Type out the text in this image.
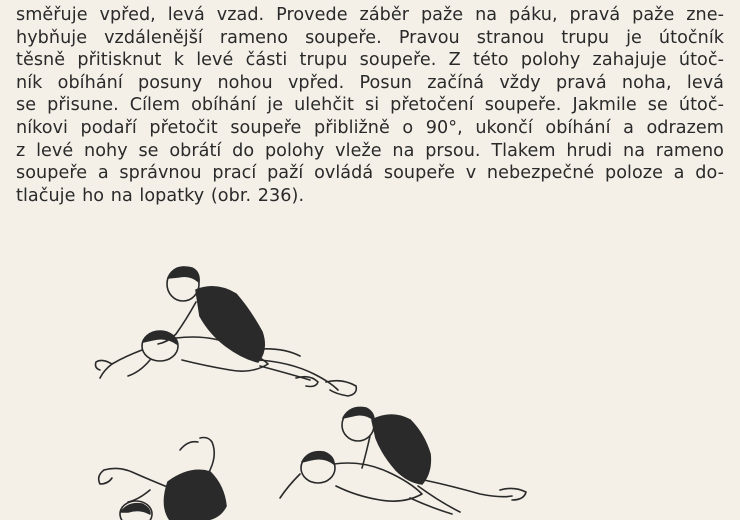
směřuje vpřed, levá vzad. Provede záběr paže na páku, pravá paže zne-
hybňuje vzdálenější rameno soupeře. Pravou stranou trupu je útočník
těsně přitisknut k levé části trupu soupeře. Z této polohy zahajuje útoč-
ník obíhání posuny nohou vpřed. Posun začíná vždy pravá noha, levá
se přisune. Cílem obíhání je ulehčit si přetočení soupeře. Jakmile se útoč-
níkovi podaří přetočit soupeře přibližně o 90°, ukončí obíhání a odrazem
z levé nohy se obrátí do polohy vleže na prsou. Tlakem hrudi na rameno
soupeře a správnou prací paží ovládá soupeře v nebezpečné poloze a do-
tlačuje ho na lopatky (obr. 236).
